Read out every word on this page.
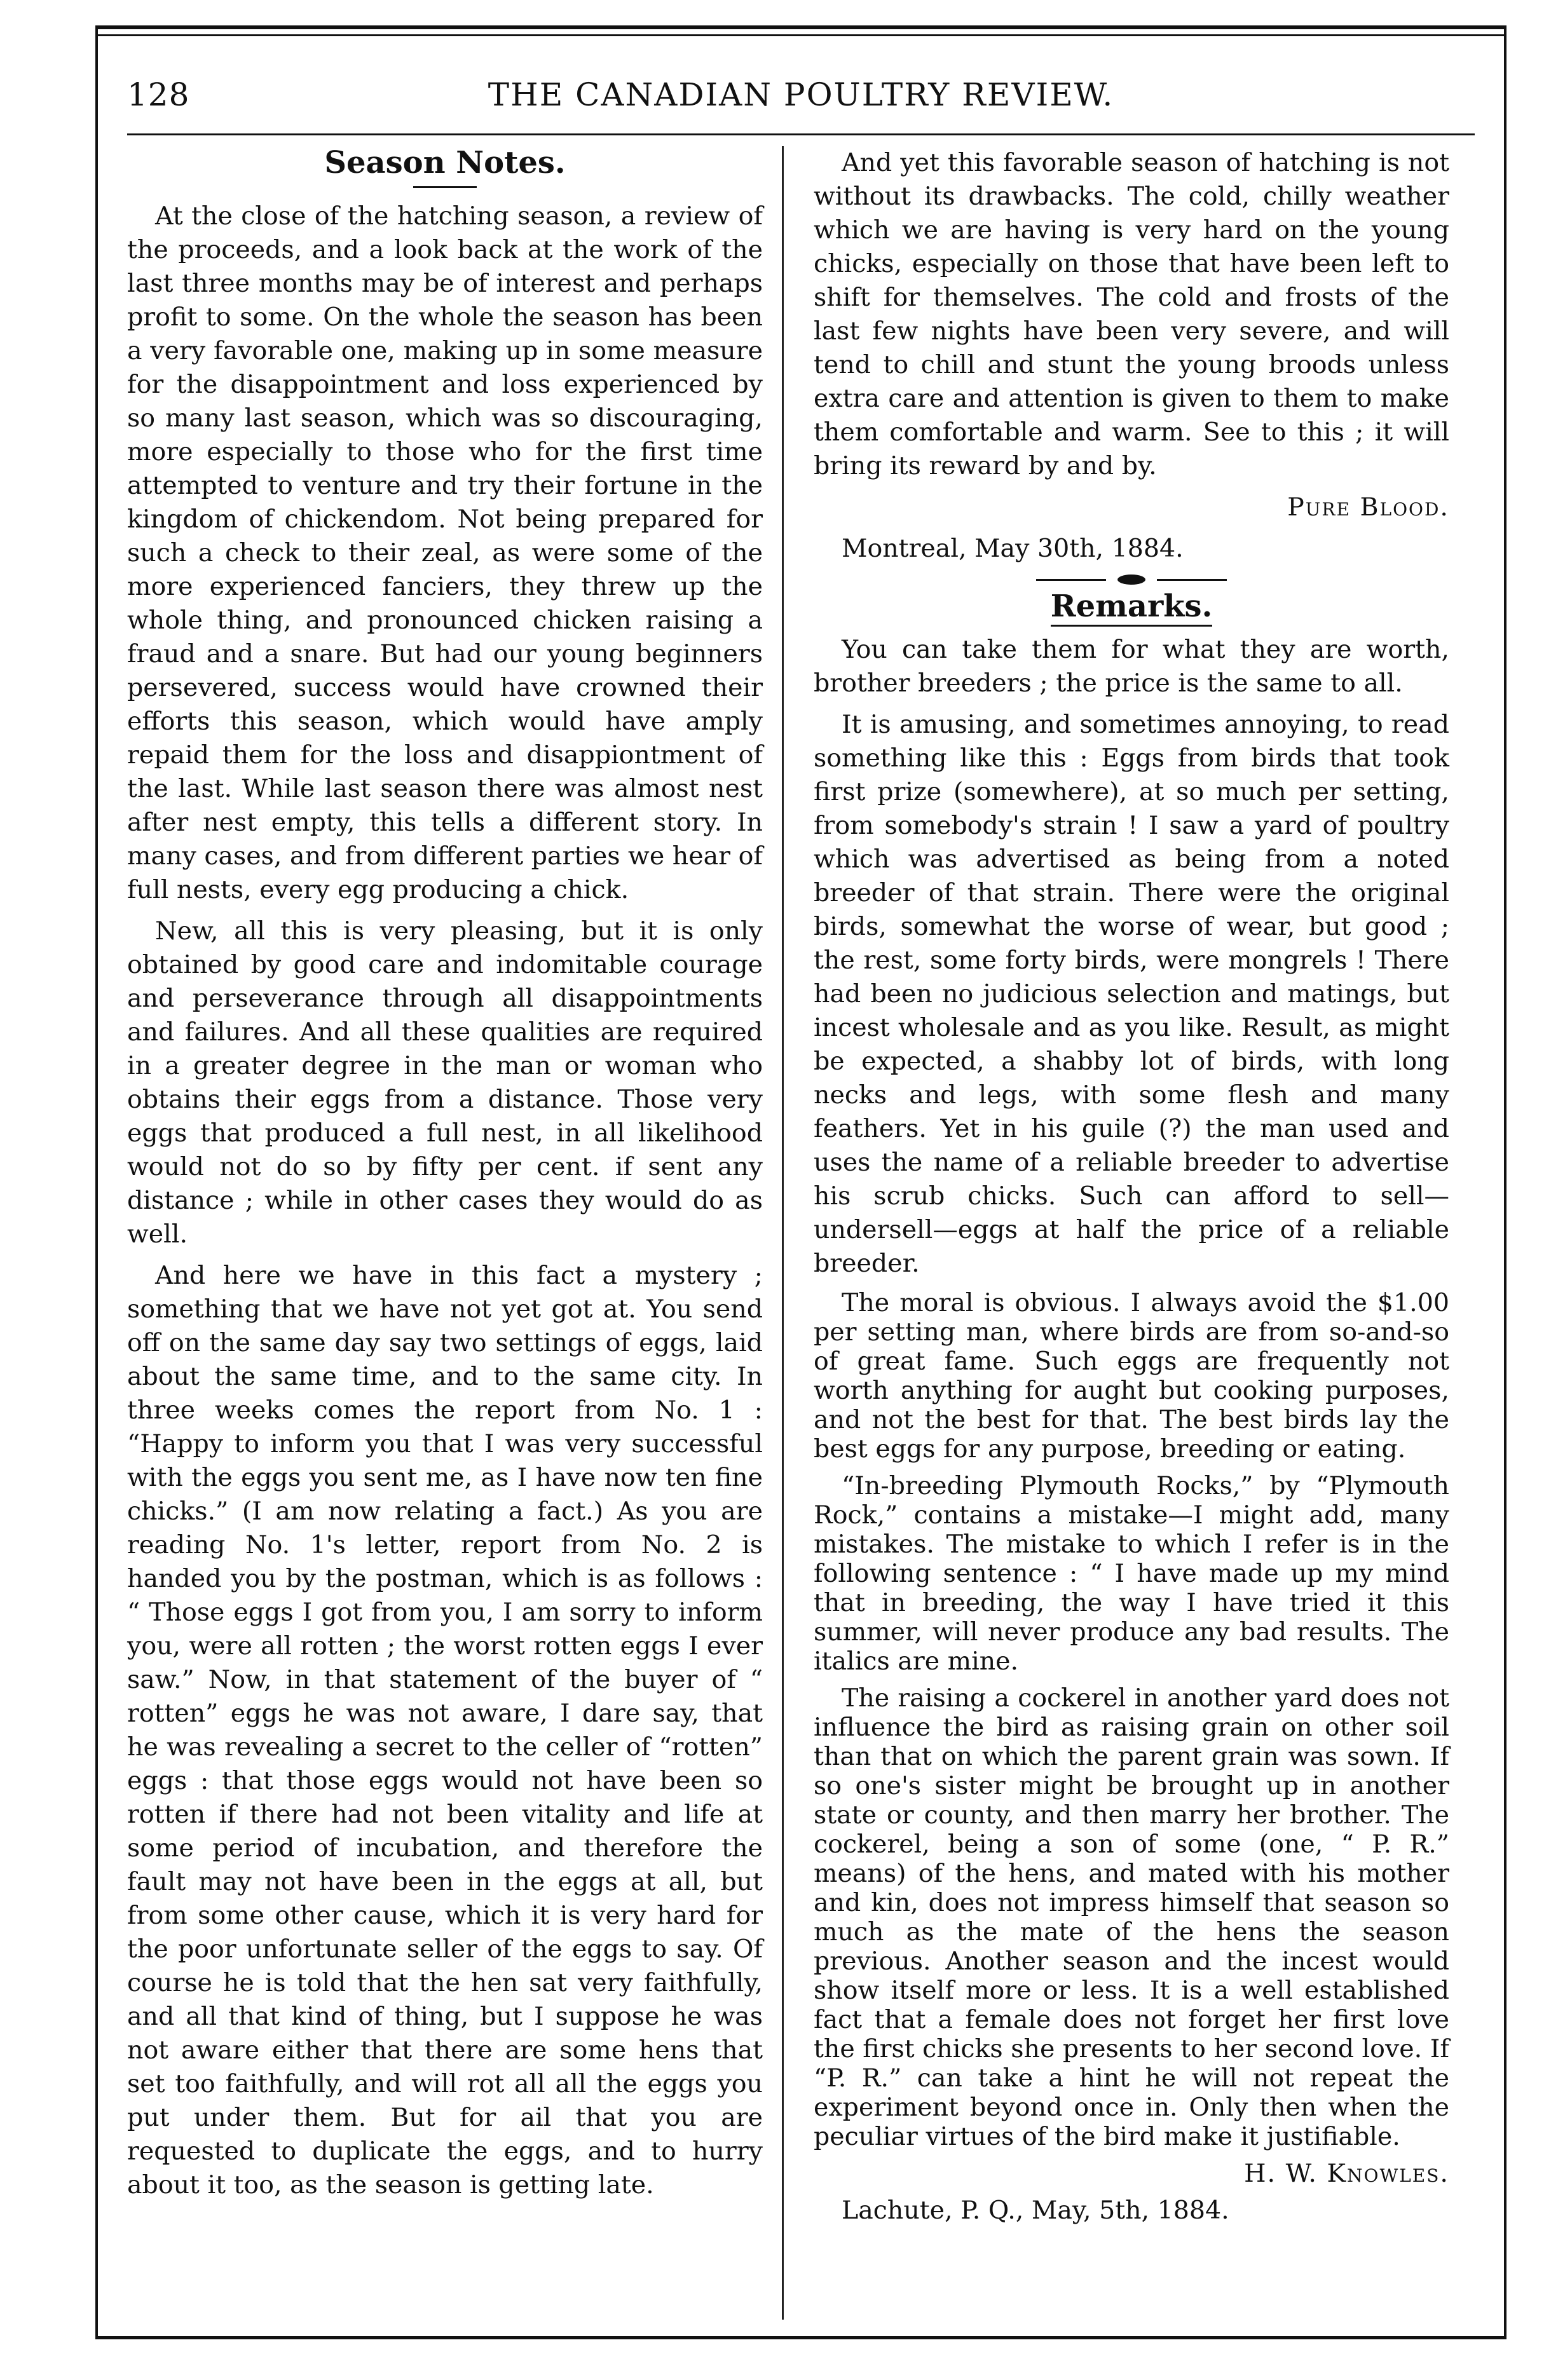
128	THE CANADIAN POULTRY REVIEW.
Season Notes.

At the close of the hatching season, a review of the proceeds, and a look back at the work of the last three months may be of interest and perhaps profit to some. On the whole the season has been a very favorable one, making up in some measure for the disappointment and loss experienced by so many last season, which was so discouraging, more especially to those who for the first time attempted to venture and try their fortune in the kingdom of chickendom. Not being prepared for such a check to their zeal, as were some of the more experienced fanciers, they threw up the whole thing, and pronounced chicken raising a fraud and a snare. But had our young beginners persevered, success would have crowned their efforts this season, which would have amply repaid them for the loss and disappiontment of the last. While last season there was almost nest after nest empty, this tells a different story. In many cases, and from different parties we hear of full nests, every egg producing a chick.

New, all this is very pleasing, but it is only obtained by good care and indomitable courage and perseverance through all disappointments and failures. And all these qualities are required in a greater degree in the man or woman who obtains their eggs from a distance. Those very eggs that produced a full nest, in all likelihood would not do so by fifty per cent. if sent any distance ; while in other cases they would do as well.

And here we have in this fact a mystery ; something that we have not yet got at. You send off on the same day say two settings of eggs, laid about the same time, and to the same city. In three weeks comes the report from No. 1 : “Happy to inform you that I was very successful with the eggs you sent me, as I have now ten fine chicks.” (I am now relating a fact.) As you are reading No. 1's letter, report from No. 2 is handed you by the postman, which is as follows : “ Those eggs I got from you, I am sorry to inform you, were all rotten ; the worst rotten eggs I ever saw.” Now, in that statement of the buyer of “ rotten” eggs he was not aware, I dare say, that he was revealing a secret to the celler of “rotten” eggs : that those eggs would not have been so rotten if there had not been vitality and life at some period of incubation, and therefore the fault may not have been in the eggs at all, but from some other cause, which it is very hard for the poor unfortunate seller of the eggs to say. Of course he is told that the hen sat very faithfully, and all that kind of thing, but I suppose he was not aware either that there are some hens that set too faithfully, and will rot all all the eggs you put under them. But for ail that you are requested to duplicate the eggs, and to hurry about it too, as the season is getting late.

And yet this favorable season of hatching is not without its drawbacks. The cold, chilly weather which we are having is very hard on the young chicks, especially on those that have been left to shift for themselves. The cold and frosts of the last few nights have been very severe, and will tend to chill and stunt the young broods unless extra care and attention is given to them to make them comfortable and warm. See to this ; it will bring its reward by and by.

Pure Blood.

Montreal, May 30th, 1884.

Remarks.

You can take them for what they are worth, brother breeders ; the price is the same to all.

It is amusing, and sometimes annoying, to read something like this : Eggs from birds that took first prize (somewhere), at so much per setting, from somebody's strain ! I saw a yard of poultry which was advertised as being from a noted breeder of that strain. There were the original birds, somewhat the worse of wear, but good ; the rest, some forty birds, were mongrels ! There had been no judicious selection and matings, but incest wholesale and as you like. Result, as might be expected, a shabby lot of birds, with long necks and legs, with some flesh and many feathers. Yet in his guile (?) the man used and uses the name of a reliable breeder to advertise his scrub chicks. Such can afford to sell—undersell—eggs at half the price of a reliable breeder.

The moral is obvious. I always avoid the $1.00 per setting man, where birds are from so-and-so of great fame. Such eggs are frequently not worth anything for aught but cooking purposes, and not the best for that. The best birds lay the best eggs for any purpose, breeding or eating.

“In-breeding Plymouth Rocks,” by “Plymouth Rock,” contains a mistake—I might add, many mistakes. The mistake to which I refer is in the following sentence : “ I have made up my mind that in breeding, the way I have tried it this summer, will never produce any bad results. The italics are mine.

The raising a cockerel in another yard does not influence the bird as raising grain on other soil than that on which the parent grain was sown. If so one's sister might be brought up in another state or county, and then marry her brother. The cockerel, being a son of some (one, “ P. R.” means) of the hens, and mated with his mother and kin, does not impress himself that season so much as the mate of the hens the season previous. Another season and the incest would show itself more or less. It is a well established fact that a female does not forget her first love the first chicks she presents to her second love. If “P. R.” can take a hint he will not repeat the experiment beyond once in. Only then when the peculiar virtues of the bird make it justifiable.

H. W. Knowles.

Lachute, P. Q., May, 5th, 1884.
